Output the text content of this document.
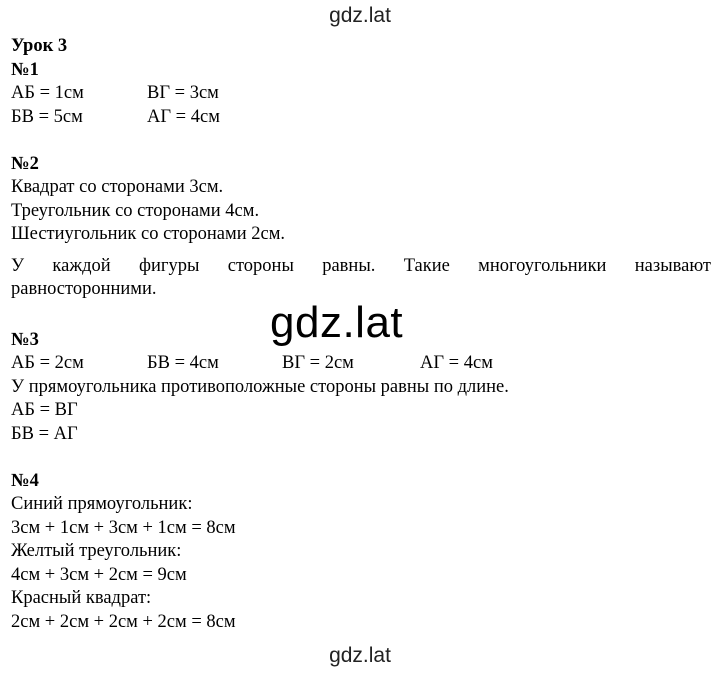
gdz.lat
gdz.lat
gdz.lat
Урок 3
№1
АБ = 1см	ВГ = 3см
БВ = 5см	АГ = 4см
№2
Квадрат со сторонами 3см.
Треугольник со сторонами 4см.
Шестиугольник со сторонами 2см.
У каждой фигуры стороны равны. Такие многоугольники называют
равносторонними.
№3
АБ = 2см	БВ = 4см	ВГ = 2см	АГ = 4см
У прямоугольника противоположные стороны равны по длине.
АБ = ВГ
БВ = АГ
№4
Синий прямоугольник:
3см + 1см + 3см + 1см = 8см
Желтый треугольник:
4см + 3см + 2см = 9см
Красный квадрат:
2см + 2см + 2см + 2см = 8см
